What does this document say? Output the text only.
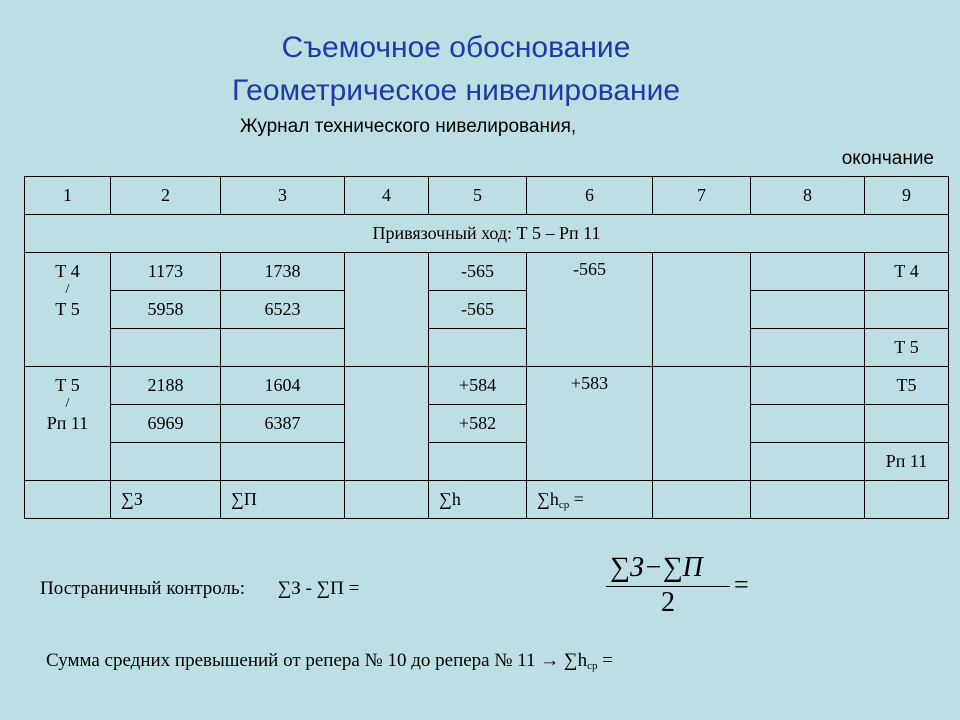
Съемочное обоснование
Геометрическое нивелирование
Журнал технического нивелирования,
окончание
1	2	3	4	5	6	7	8	9
Привязочный ход: Т 5 – Рп 11								

Т 4
/
Т 5	1173	1738		-565	-565			Т 4
	5958	6523		-565				
								Т 5

Т 5
/
Рп 11	2188	1604		+584	+583			Т5
	6969	6387		+582				
								Рп 11
	∑З	∑П		∑h	$\sum h_{ср}$ =			
Постраничный контроль: ∑З - ∑П =
∑З−∑П
2
=
Сумма средних превышений от репера № 10 до репера № $11 \to \sum h_{ср}$ =
